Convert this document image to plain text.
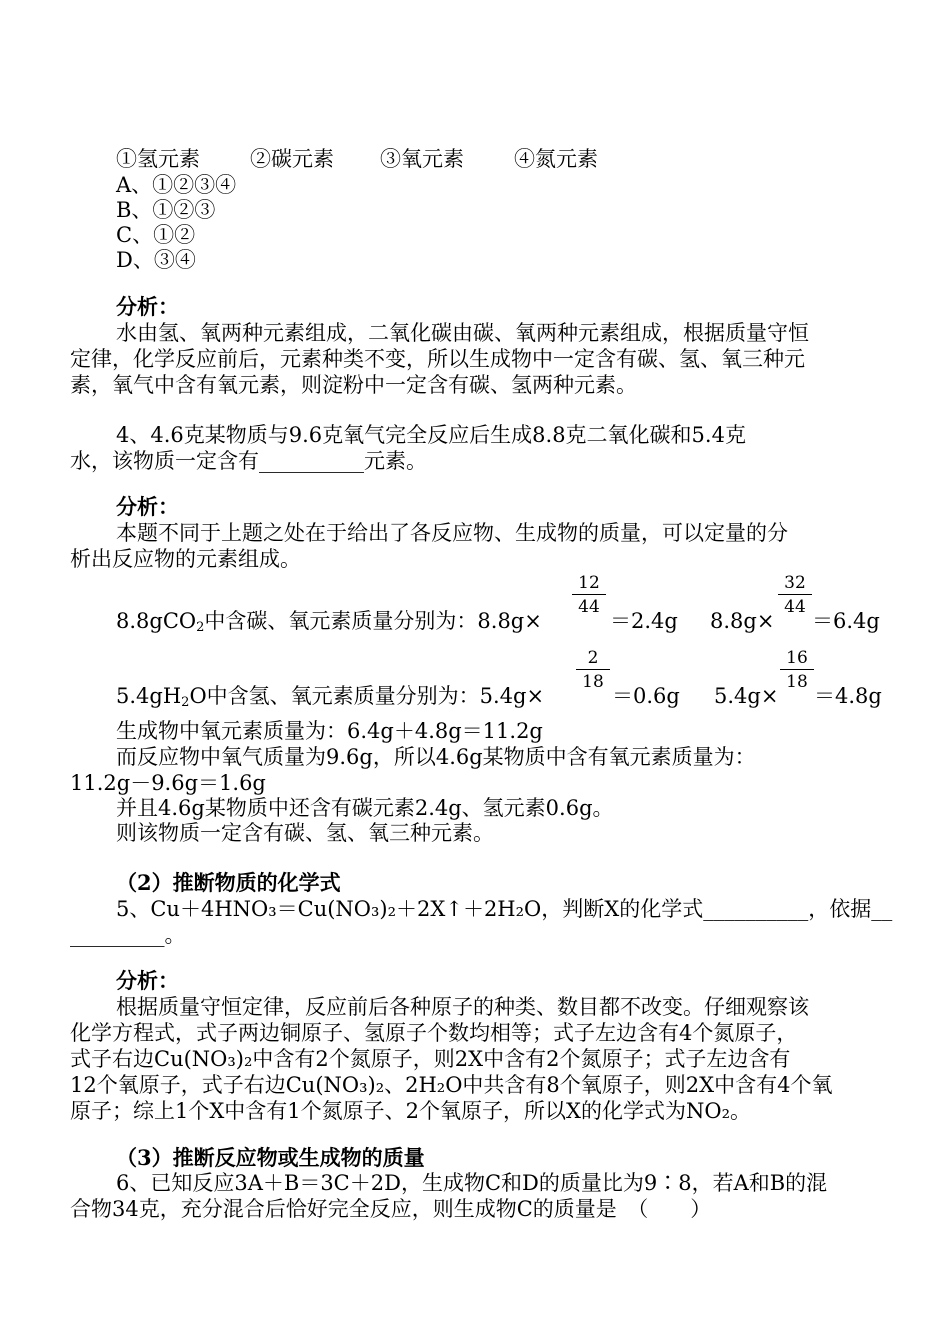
①氢元素 ②碳元素 ③氧元素 ④氮元素
A、①②③④
B、①②③
C、①②
D、③④
分析：
水由氢、氧两种元素组成，二氧化碳由碳、氧两种元素组成，根据质量守恒
定律，化学反应前后，元素种类不变，所以生成物中一定含有碳、氢、氧三种元
素，氧气中含有氧元素，则淀粉中一定含有碳、氢两种元素。
4、4.6克某物质与9.6克氧气完全反应后生成8.8克二氧化碳和5.4克
水，该物质一定含有__________元素。
分析：
本题不同于上题之处在于给出了各反应物、生成物的质量，可以定量的分
析出反应物的元素组成。
8.8gCO$_2$中含碳、氧元素质量分别为：8.8g×
$\frac{12}{44}$
＝2.4g 8.8g×
$\frac{32}{44}$
＝6.4g
$5.4gH_2O$中含氢、氧元素质量分别为：5.4g×
$\frac{2}{18}$
＝0.6g 5.4g×
$\frac{16}{18}$
＝4.8g
生成物中氧元素质量为：6.4g＋4.8g＝11.2g
而反应物中氧气质量为9.6g，所以4.6g某物质中含有氧元素质量为：
11.2g－9.6g＝1.6g
并且4.6g某物质中还含有碳元素2.4g、氢元素0.6g。
则该物质一定含有碳、氢、氧三种元素。
（2）推断物质的化学式
5、Cu＋4HNO₃＝Cu(NO₃)₂＋2X↑＋2H₂O，判断X的化学式__________，依据__
_________。
分析：
根据质量守恒定律，反应前后各种原子的种类、数目都不改变。仔细观察该
化学方程式，式子两边铜原子、氢原子个数均相等；式子左边含有4个氮原子，
式子右边Cu(NO₃)₂中含有2个氮原子，则2X中含有2个氮原子；式子左边含有
12个氧原子，式子右边Cu(NO₃)₂、2H₂O中共含有8个氧原子，则2X中含有4个氧
原子；综上1个X中含有1个氮原子、2个氧原子，所以X的化学式为NO₂。
（3）推断反应物或生成物的质量
6、已知反应3A＋B＝3C＋2D，生成物C和D的质量比为9∶8，若A和B的混
合物34克，充分混合后恰好完全反应，则生成物C的质量是　（　　）
